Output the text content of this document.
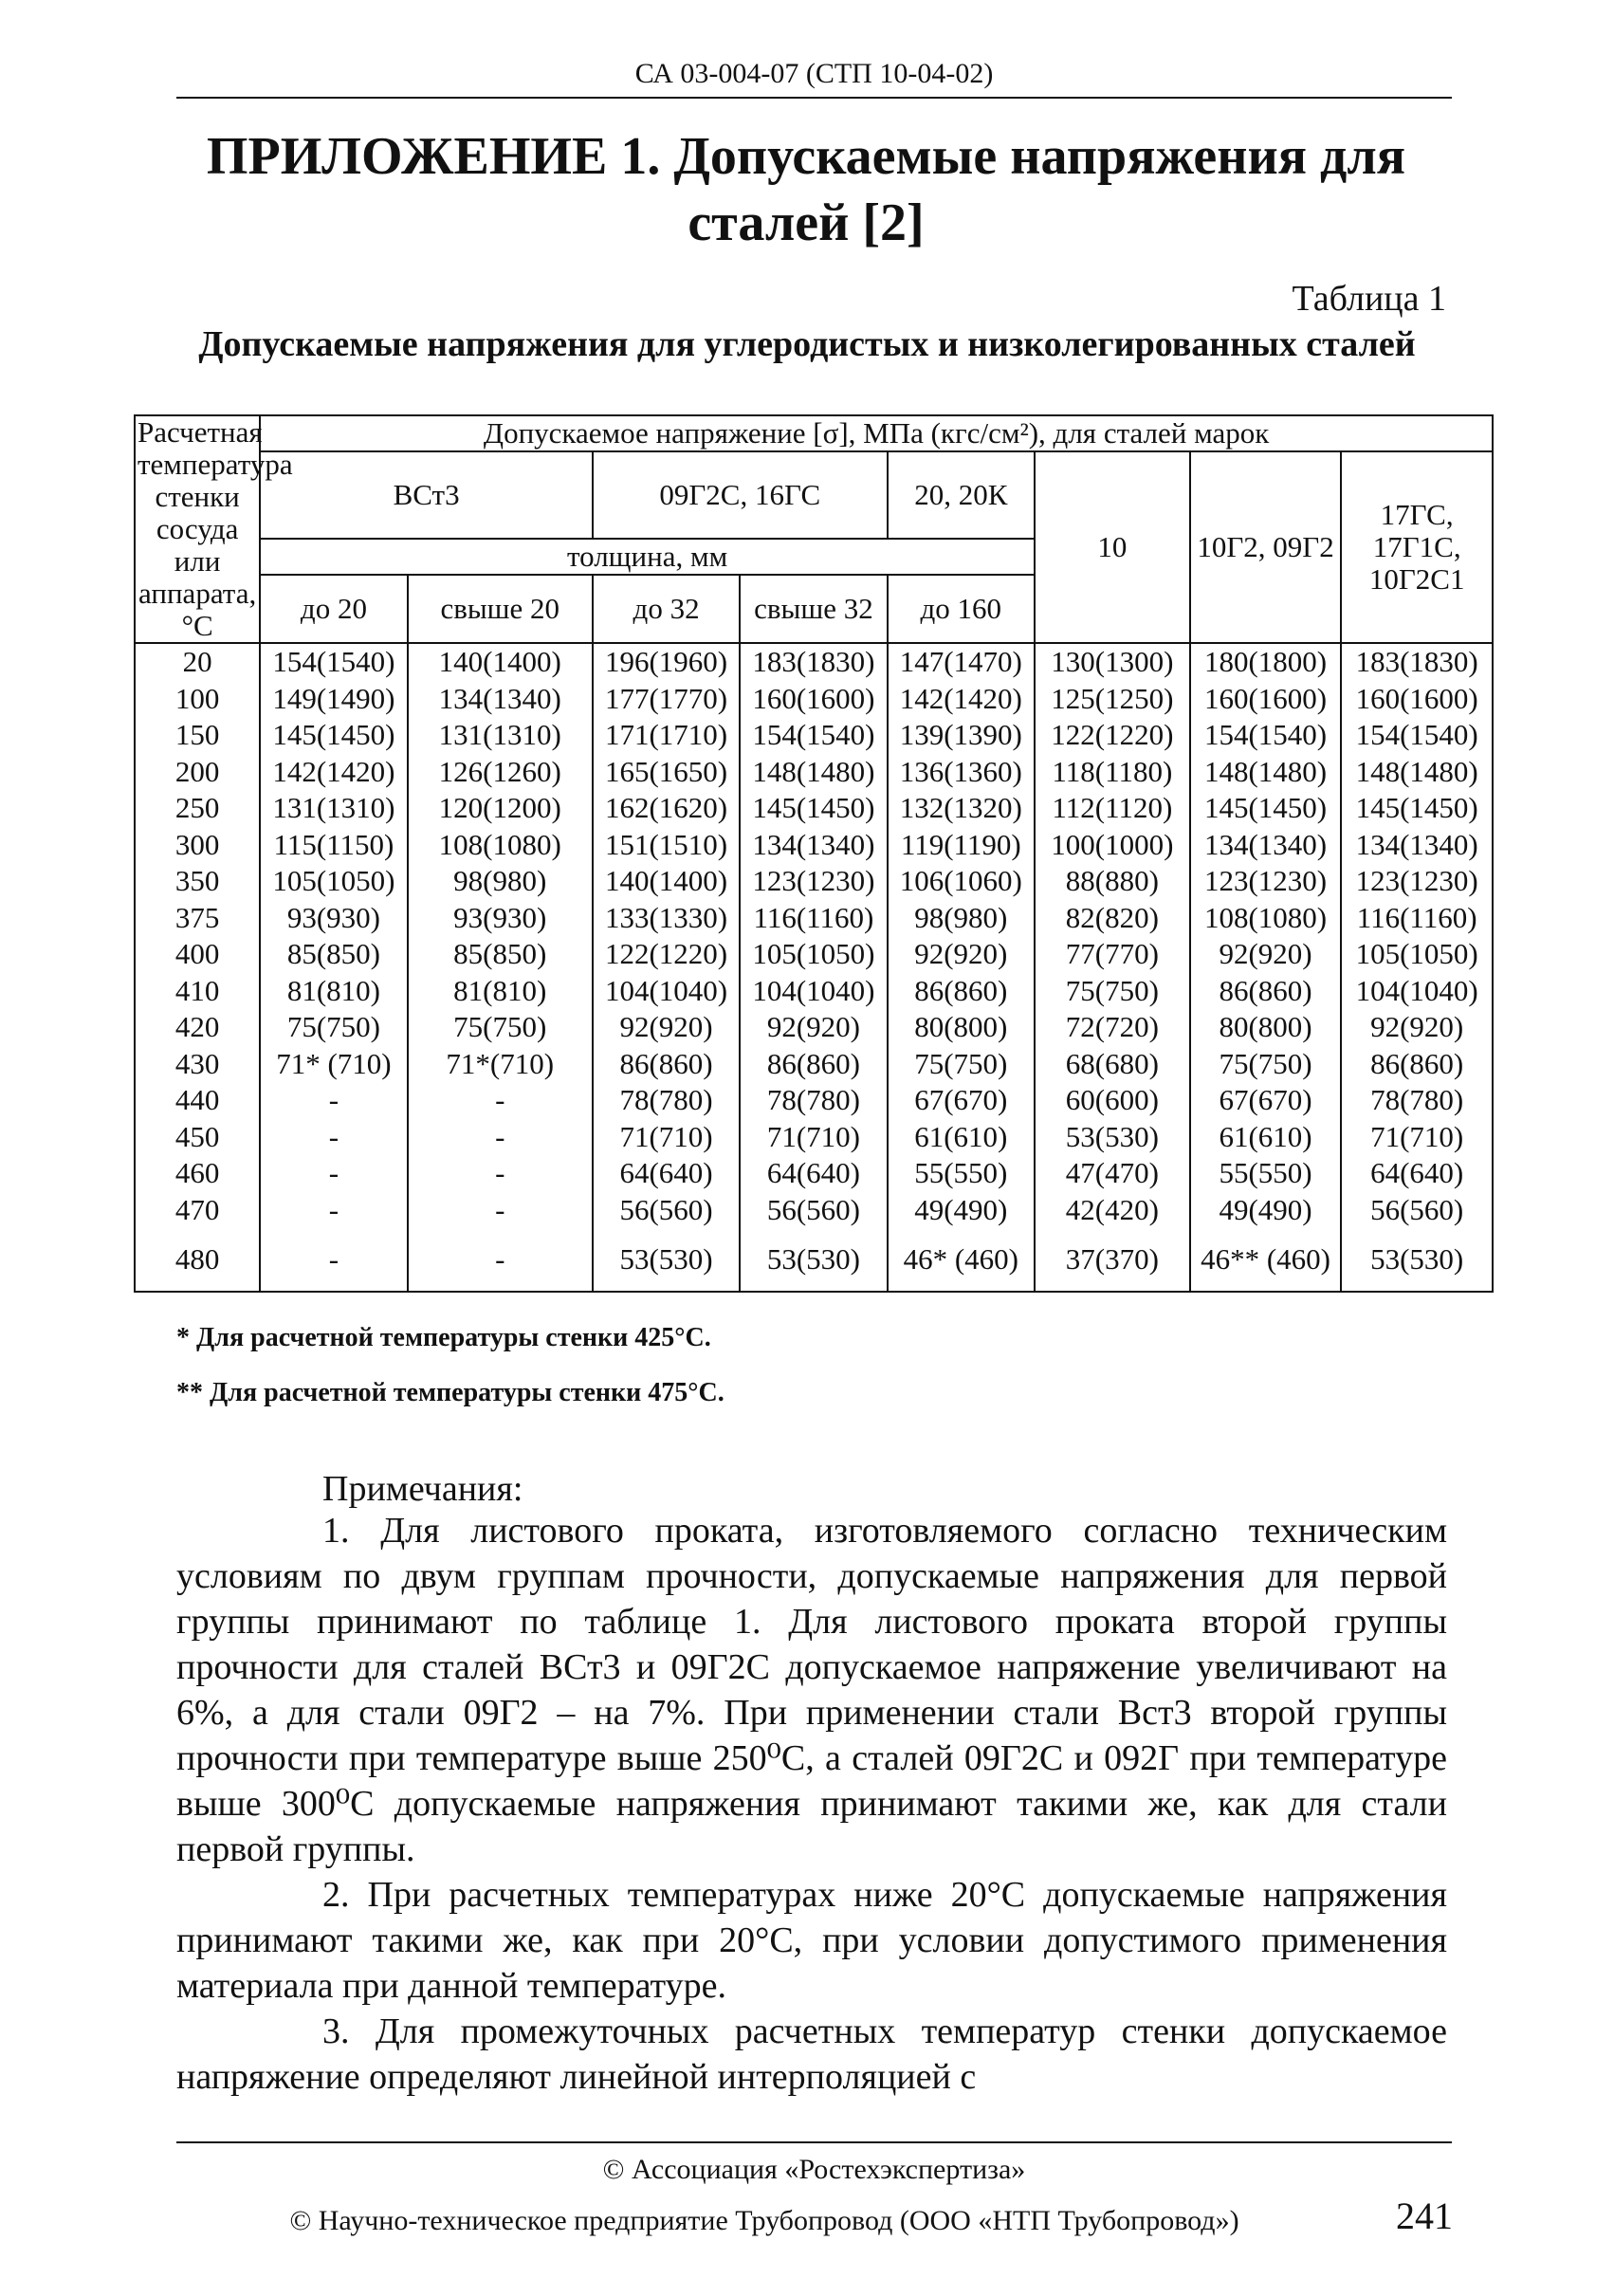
СА 03-004-07 (СТП 10-04-02)
ПРИЛОЖЕНИЕ 1. Допускаемые напряжения для сталей [2]
Таблица 1
Допускаемые напряжения для углеродистых и низколегированных сталей
Расчетная температура стенки сосуда или аппарата, °С	Допускаемое напряжение [σ], МПа (кгс/см²), для сталей марок							
	ВСт3		09Г2С, 16ГС		20, 20К	10	10Г2, 09Г2	17ГС, 17Г1С, 10Г2С1
	толщина, мм							
	до 20	свыше 20	до 32	свыше 32	до 160			
20	154(1540)	140(1400)	196(1960)	183(1830)	147(1470)	130(1300)	180(1800)	183(1830)
100	149(1490)	134(1340)	177(1770)	160(1600)	142(1420)	125(1250)	160(1600)	160(1600)
150	145(1450)	131(1310)	171(1710)	154(1540)	139(1390)	122(1220)	154(1540)	154(1540)
200	142(1420)	126(1260)	165(1650)	148(1480)	136(1360)	118(1180)	148(1480)	148(1480)
250	131(1310)	120(1200)	162(1620)	145(1450)	132(1320)	112(1120)	145(1450)	145(1450)
300	115(1150)	108(1080)	151(1510)	134(1340)	119(1190)	100(1000)	134(1340)	134(1340)
350	105(1050)	98(980)	140(1400)	123(1230)	106(1060)	88(880)	123(1230)	123(1230)
375	93(930)	93(930)	133(1330)	116(1160)	98(980)	82(820)	108(1080)	116(1160)
400	85(850)	85(850)	122(1220)	105(1050)	92(920)	77(770)	92(920)	105(1050)
410	81(810)	81(810)	104(1040)	104(1040)	86(860)	75(750)	86(860)	104(1040)
420	75(750)	75(750)	92(920)	92(920)	80(800)	72(720)	80(800)	92(920)
430	71* (710)	71*(710)	86(860)	86(860)	75(750)	68(680)	75(750)	86(860)
440	-	-	78(780)	78(780)	67(670)	60(600)	67(670)	78(780)
450	-	-	71(710)	71(710)	61(610)	53(530)	61(610)	71(710)
460	-	-	64(640)	64(640)	55(550)	47(470)	55(550)	64(640)
470	-	-	56(560)	56(560)	49(490)	42(420)	49(490)	56(560)
480	-	-	53(530)	53(530)	46* (460)	37(370)	46** (460)	53(530)
* Для расчетной температуры стенки 425°С.
** Для расчетной температуры стенки 475°С.
Примечания:

1. Для листового проката, изготовляемого согласно техническим условиям по двум группам прочности, допускаемые напряжения для первой группы принимают по таблице 1. Для листового проката второй группы прочности для сталей ВСт3 и 09Г2С допускаемое напряжение увеличивают на 6%, а для стали 09Г2 – на 7%. При применении стали Вст3 второй группы прочности при температуре выше 250⁰С, а сталей 09Г2С и 092Г при температуре выше 300⁰С допускаемые напряжения принимают такими же, как для стали первой группы.

2. При расчетных температурах ниже 20°С допускаемые напряжения принимают такими же, как при 20°С, при условии допустимого применения материала при данной температуре.

3. Для промежуточных расчетных температур стенки допускаемое напряжение определяют линейной интерполяцией с

© Ассоциация «Ростехэкспертиза»
© Научно-техническое предприятие Трубопровод (ООО «НТП Трубопровод»)	241
